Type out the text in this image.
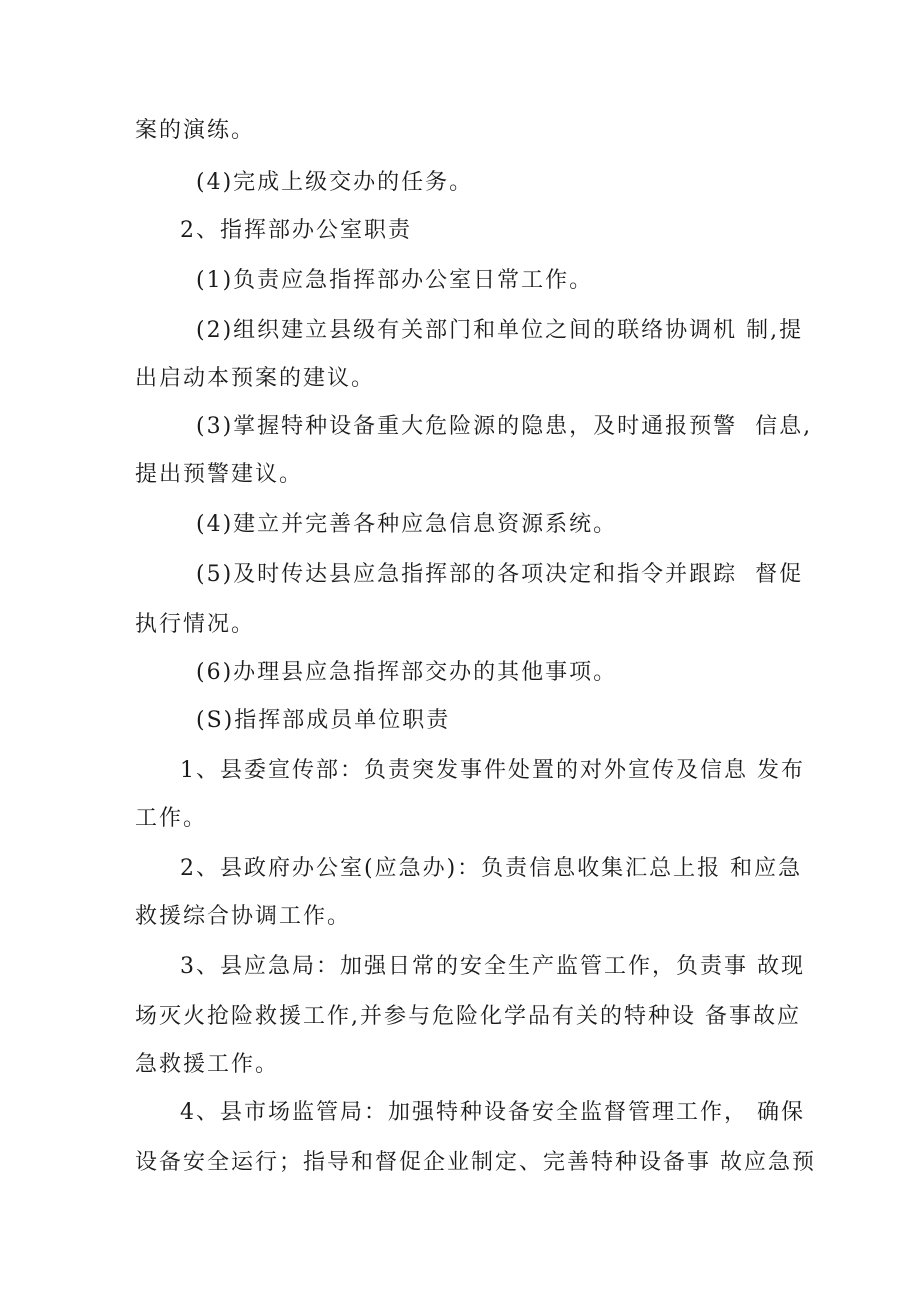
案的演练。
(4)完成上级交办的任务。
2、指挥部办公室职责
(1)负责应急指挥部办公室日常工作。
(2)组织建立县级有关部门和单位之间的联络协调机 制,提
出启动本预案的建议。
(3)掌握特种设备重大危险源的隐患，及时通报预警  信息,
提出预警建议。
(4)建立并完善各种应急信息资源系统。
(5)及时传达县应急指挥部的各项决定和指令并跟踪  督促
执行情况。
(6)办理县应急指挥部交办的其他事项。
(S)指挥部成员单位职责
1、县委宣传部：负责突发事件处置的对外宣传及信息 发布
工作。
2、县政府办公室(应急办)：负责信息收集汇总上报 和应急
救援综合协调工作。
3、县应急局：加强日常的安全生产监管工作，负责事 故现
场灭火抢险救援工作,并参与危险化学品有关的特种设 备事故应
急救援工作。
4、县市场监管局：加强特种设备安全监督管理工作， 确保
设备安全运行；指导和督促企业制定、完善特种设备事 故应急预
